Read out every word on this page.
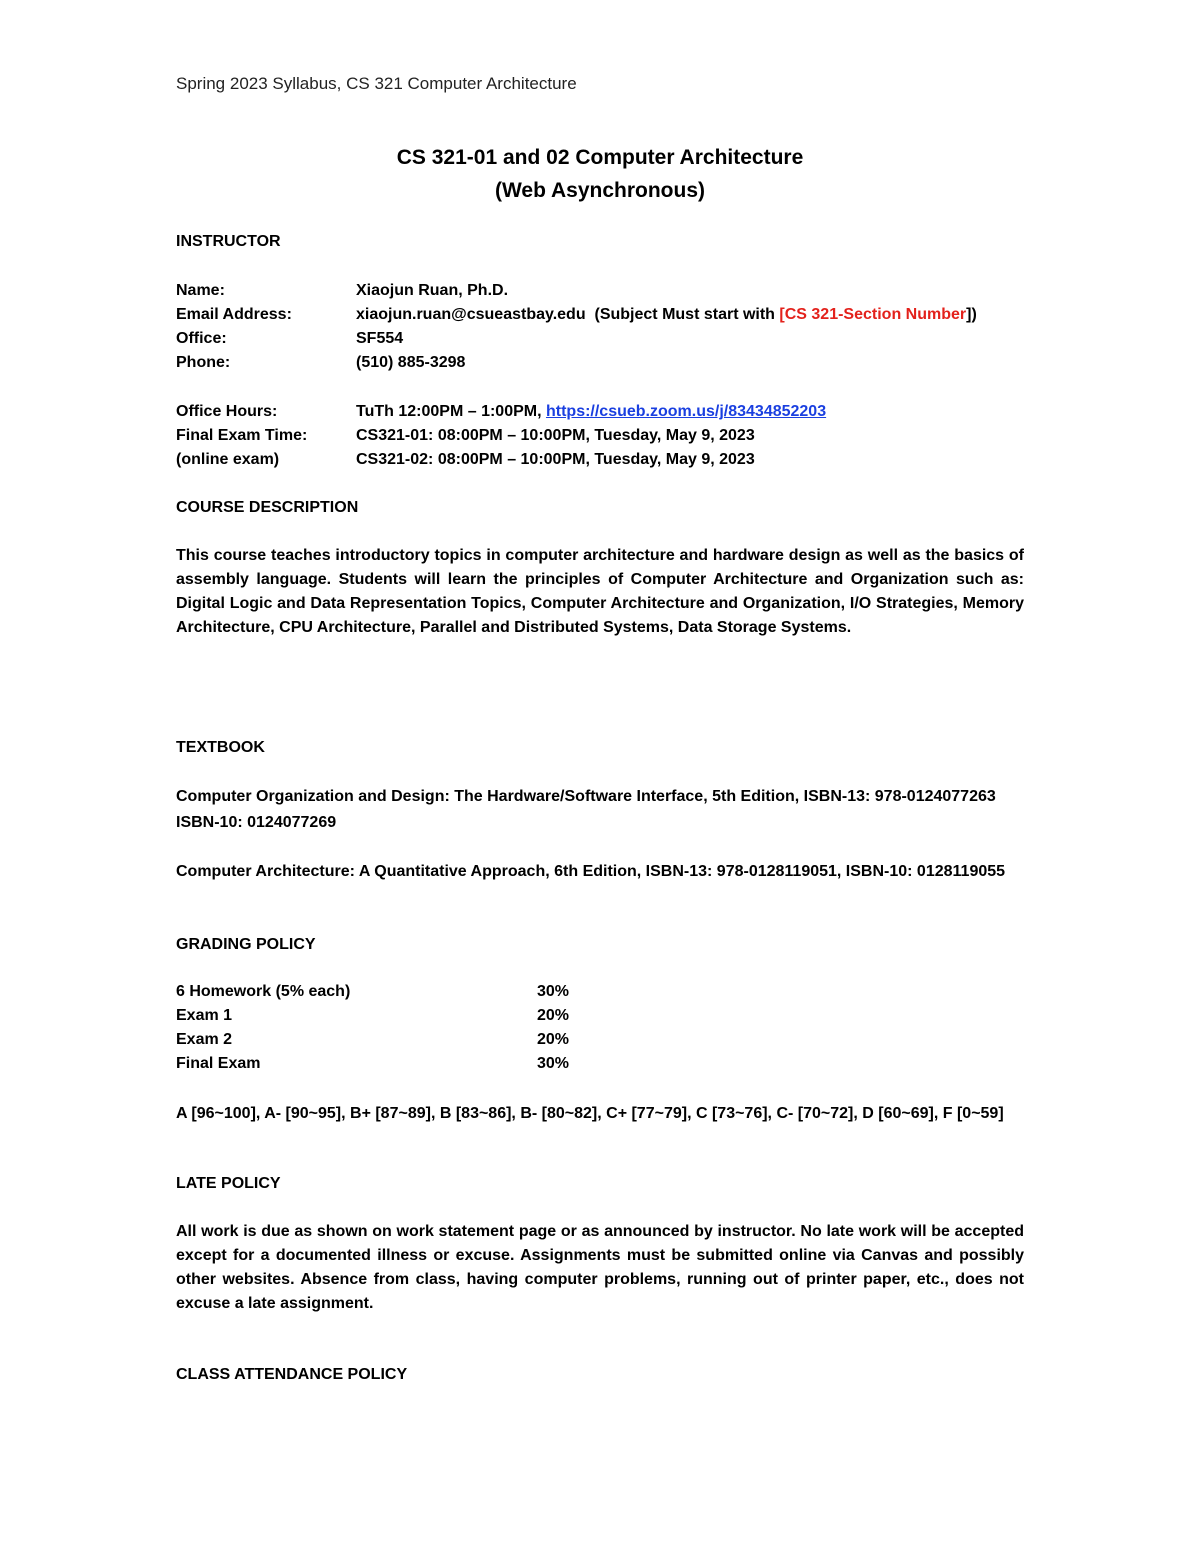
Spring 2023 Syllabus, CS 321 Computer Architecture
CS 321-01 and 02 Computer Architecture
(Web Asynchronous)
INSTRUCTOR
Name:	Xiaojun Ruan, Ph.D.
Email Address:	xiaojun.ruan@csueastbay.edu (Subject Must start with [CS 321-Section Number])
Office:	SF554
Phone:	(510) 885-3298
Office Hours:	TuTh 12:00PM – 1:00PM, https://csueb.zoom.us/j/83434852203
Final Exam Time:	CS321-01: 08:00PM – 10:00PM, Tuesday, May 9, 2023
(online exam)	CS321-02: 08:00PM – 10:00PM, Tuesday, May 9, 2023
COURSE DESCRIPTION
This course teaches introductory topics in computer architecture and hardware design as well as the basics of assembly language. Students will learn the principles of Computer Architecture and Organization such as: Digital Logic and Data Representation Topics, Computer Architecture and Organization, I/O Strategies, Memory Architecture, CPU Architecture, Parallel and Distributed Systems, Data Storage Systems.
TEXTBOOK
Computer Organization and Design: The Hardware/Software Interface, 5th Edition, ISBN-13: 978-0124077263 ISBN-10: 0124077269
Computer Architecture: A Quantitative Approach, 6th Edition, ISBN-13: 978-0128119051, ISBN-10: 0128119055
GRADING POLICY
6 Homework (5% each)	30%
Exam 1	20%
Exam 2	20%
Final Exam	30%
A [96~100], A- [90~95], B+ [87~89], B [83~86], B- [80~82], C+ [77~79], C [73~76], C- [70~72], D [60~69], F [0~59]
LATE POLICY
All work is due as shown on work statement page or as announced by instructor. No late work will be accepted except for a documented illness or excuse. Assignments must be submitted online via Canvas and possibly other websites. Absence from class, having computer problems, running out of printer paper, etc., does not excuse a late assignment.
CLASS ATTENDANCE POLICY
